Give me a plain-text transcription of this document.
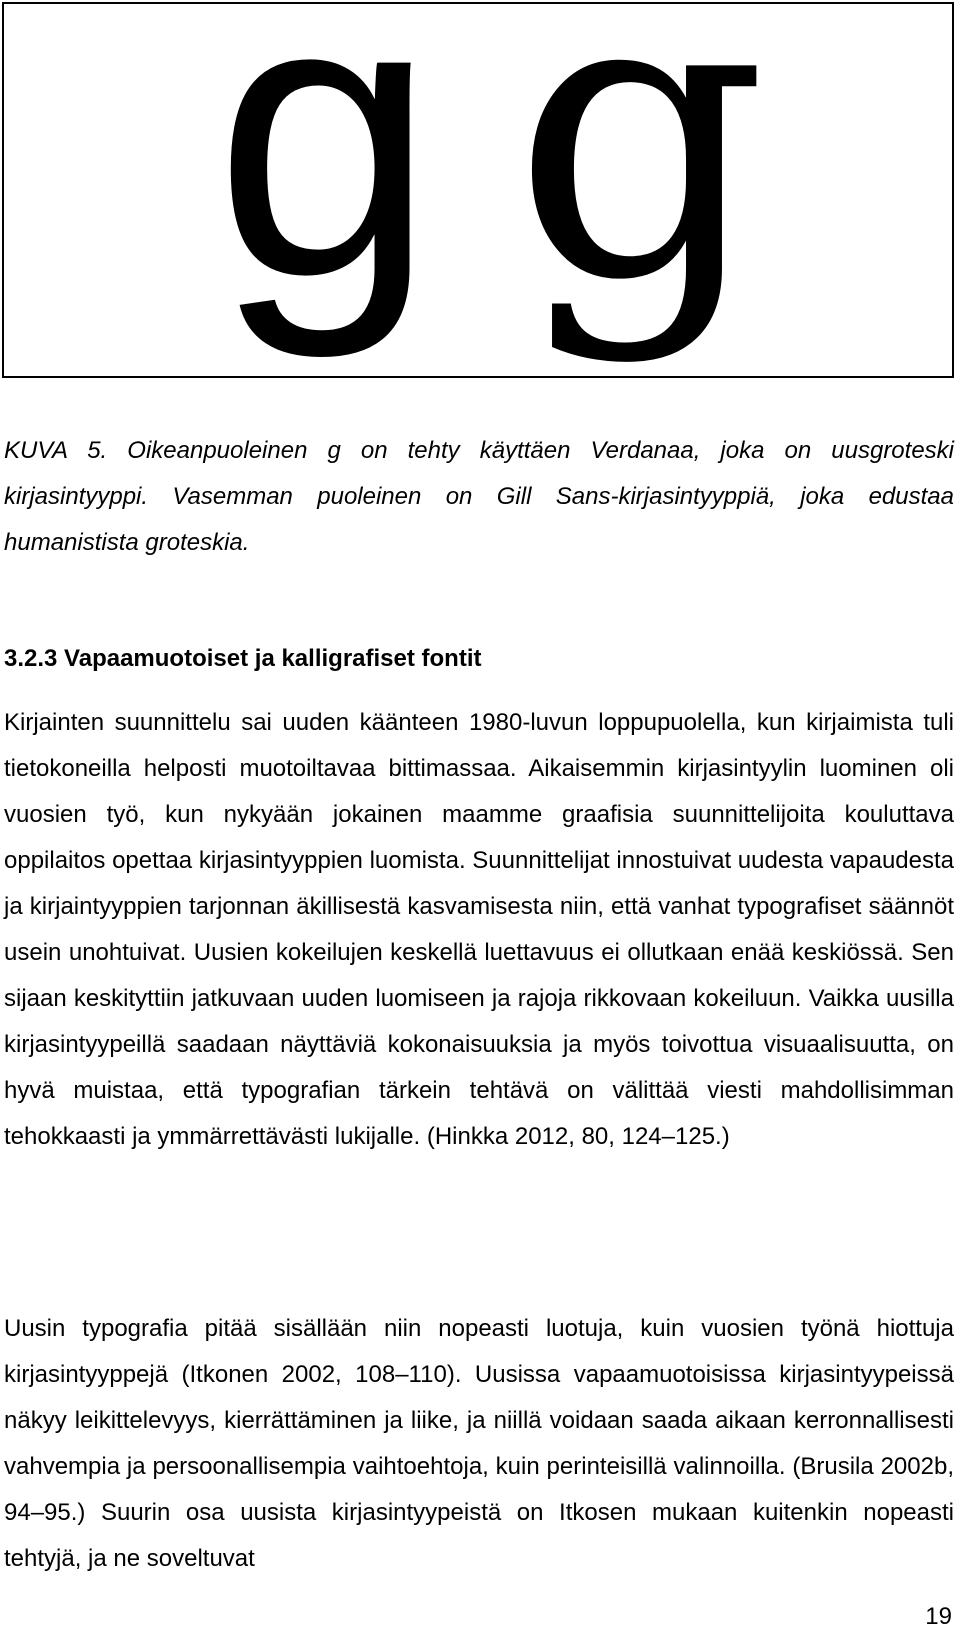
g g

KUVA 5. Oikeanpuoleinen g on tehty käyttäen Verdanaa, joka on uusgroteski kirjasintyyppi. Vasemman puoleinen on Gill Sans-kirjasintyyppiä, joka edustaa humanistista groteskia.

3.2.3 Vapaamuotoiset ja kalligrafiset fontit

Kirjainten suunnittelu sai uuden käänteen 1980-luvun loppupuolella, kun kirjaimista tuli tietokoneilla helposti muotoiltavaa bittimassaa. Aikaisemmin kirjasintyylin luominen oli vuosien työ, kun nykyään jokainen maamme graafisia suunnittelijoita kouluttava oppilaitos opettaa kirjasintyyppien luomista. Suunnittelijat innostuivat uudesta vapaudesta ja kirjaintyyppien tarjonnan äkillisestä kasvamisesta niin, että vanhat typografiset säännöt usein unohtuivat. Uusien kokeilujen keskellä luettavuus ei ollutkaan enää keskiössä. Sen sijaan keskityttiin jatkuvaan uuden luomiseen ja rajoja rikkovaan kokeiluun. Vaikka uusilla kirjasintyypeillä saadaan näyttäviä kokonaisuuksia ja myös toivottua visuaalisuutta, on hyvä muistaa, että typografian tärkein tehtävä on välittää viesti mahdollisimman tehokkaasti ja ymmärrettävästi lukijalle. (Hinkka 2012, 80, 124–125.)

Uusin typografia pitää sisällään niin nopeasti luotuja, kuin vuosien työnä hiottuja kirjasintyyppejä (Itkonen 2002, 108–110). Uusissa vapaamuotoisissa kirjasintyypeissä näkyy leikittelevyys, kierrättäminen ja liike, ja niillä voidaan saada aikaan kerronnallisesti vahvempia ja persoonallisempia vaihtoehtoja, kuin perinteisillä valinnoilla. (Brusila 2002b, 94–95.) Suurin osa uusista kirjasintyypeistä on Itkosen mukaan kuitenkin nopeasti tehtyjä, ja ne soveltuvat

19
